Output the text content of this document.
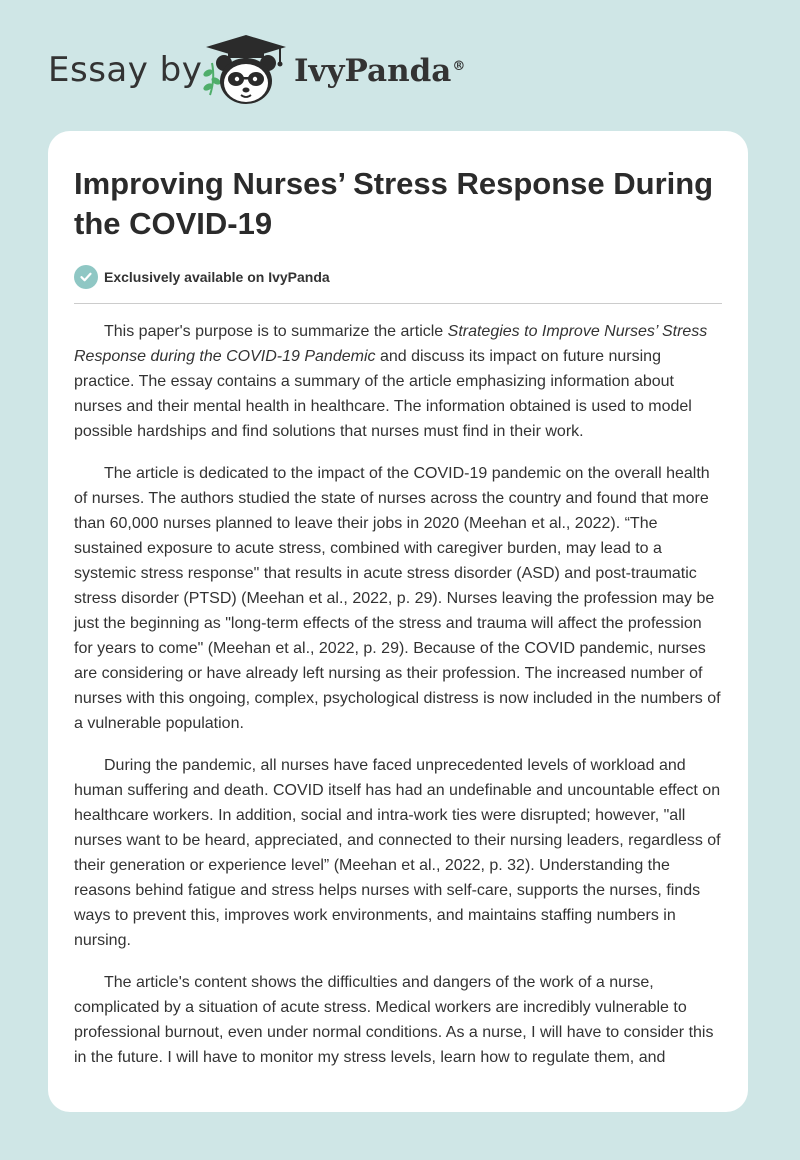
Essay by	IvyPanda®
Improving Nurses’ Stress Response During the COVID-19
Exclusively available on IvyPanda

This paper's purpose is to summarize the article Strategies to Improve Nurses’ Stress Response during the COVID-19 Pandemic and discuss its impact on future nursing practice. The essay contains a summary of the article emphasizing information about nurses and their mental health in healthcare. The information obtained is used to model possible hardships and find solutions that nurses must find in their work.

The article is dedicated to the impact of the COVID-19 pandemic on the overall health of nurses. The authors studied the state of nurses across the country and found that more than 60,000 nurses planned to leave their jobs in 2020 (Meehan et al., 2022). “The sustained exposure to acute stress, combined with caregiver burden, may lead to a systemic stress response" that results in acute stress disorder (ASD) and post-traumatic stress disorder (PTSD) (Meehan et al., 2022, p. 29). Nurses leaving the profession may be just the beginning as "long-term effects of the stress and trauma will affect the profession for years to come" (Meehan et al., 2022, p. 29). Because of the COVID pandemic, nurses are considering or have already left nursing as their profession. The increased number of nurses with this ongoing, complex, psychological distress is now included in the numbers of a vulnerable population.

During the pandemic, all nurses have faced unprecedented levels of workload and human suffering and death. COVID itself has had an undefinable and uncountable effect on healthcare workers. In addition, social and intra-work ties were disrupted; however, "all nurses want to be heard, appreciated, and connected to their nursing leaders, regardless of their generation or experience level” (Meehan et al., 2022, p. 32). Understanding the reasons behind fatigue and stress helps nurses with self-care, supports the nurses, finds ways to prevent this, improves work environments, and maintains staffing numbers in nursing.

The article's content shows the difficulties and dangers of the work of a nurse, complicated by a situation of acute stress. Medical workers are incredibly vulnerable to professional burnout, even under normal conditions. As a nurse, I will have to consider this in the future. I will have to monitor my stress levels, learn how to regulate them, and
